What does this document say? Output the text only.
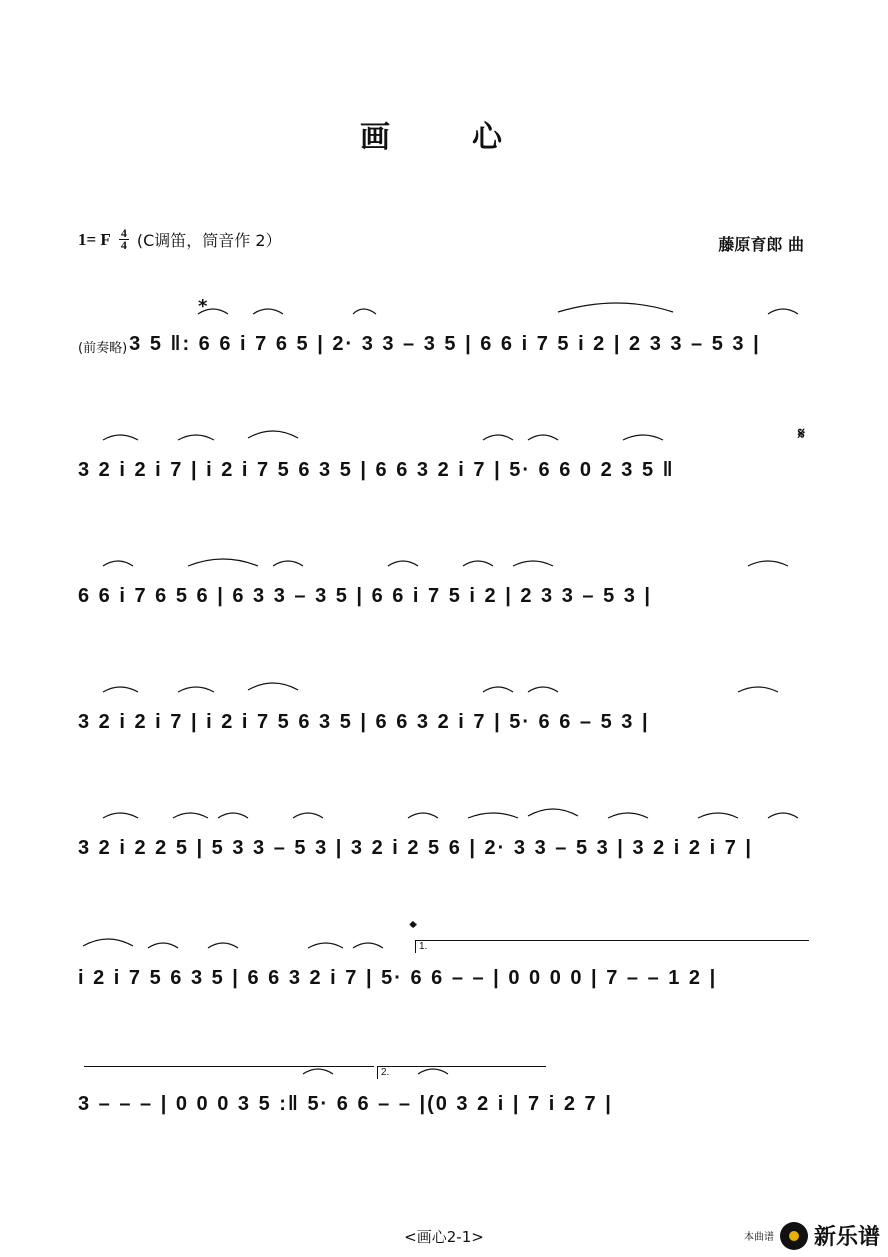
画　心
1= F $\frac{4}{4} (C$调笛，筒音作 2）	藤原育郎 曲
*
𝄋
𝄌
1.
2.
(前奏略) 3 5 ‖: 6 6 i 7 6 5 | 2· 3 3 – 3 5 | 6 6 i 7 5 i 2 | 2 3 3 – 5 3 |
3 2 i 2 i 7 | i 2 i 7 5 6 3 5 | 6 6 3 2 i 7 | 5· 6 6 0 2 3 5 ‖
6 6 i 7 6 5 6 | 6 3 3 – 3 5 | 6 6 i 7 5 i 2 | 2 3 3 – 5 3 |
3 2 i 2 i 7 | i 2 i 7 5 6 3 5 | 6 6 3 2 i 7 | 5· 6 6 – 5 3 |
3 2 i 2 2 5 | 5 3 3 – 5 3 | 3 2 i 2 5 6 | 2· 3 3 – 5 3 | 3 2 i 2 i 7 |
i 2 i 7 5 6 3 5 | 6 6 3 2 i 7 | 5· 6 6 – – | 0 0 0 0 | 7 – – 1 2 |
3 – – – | 0 0 0 3 5 :‖ 5· 6 6 – – |(0 3 2 i | 7 i 2 7 |
<画心2-1>	本曲谱 新乐谱
